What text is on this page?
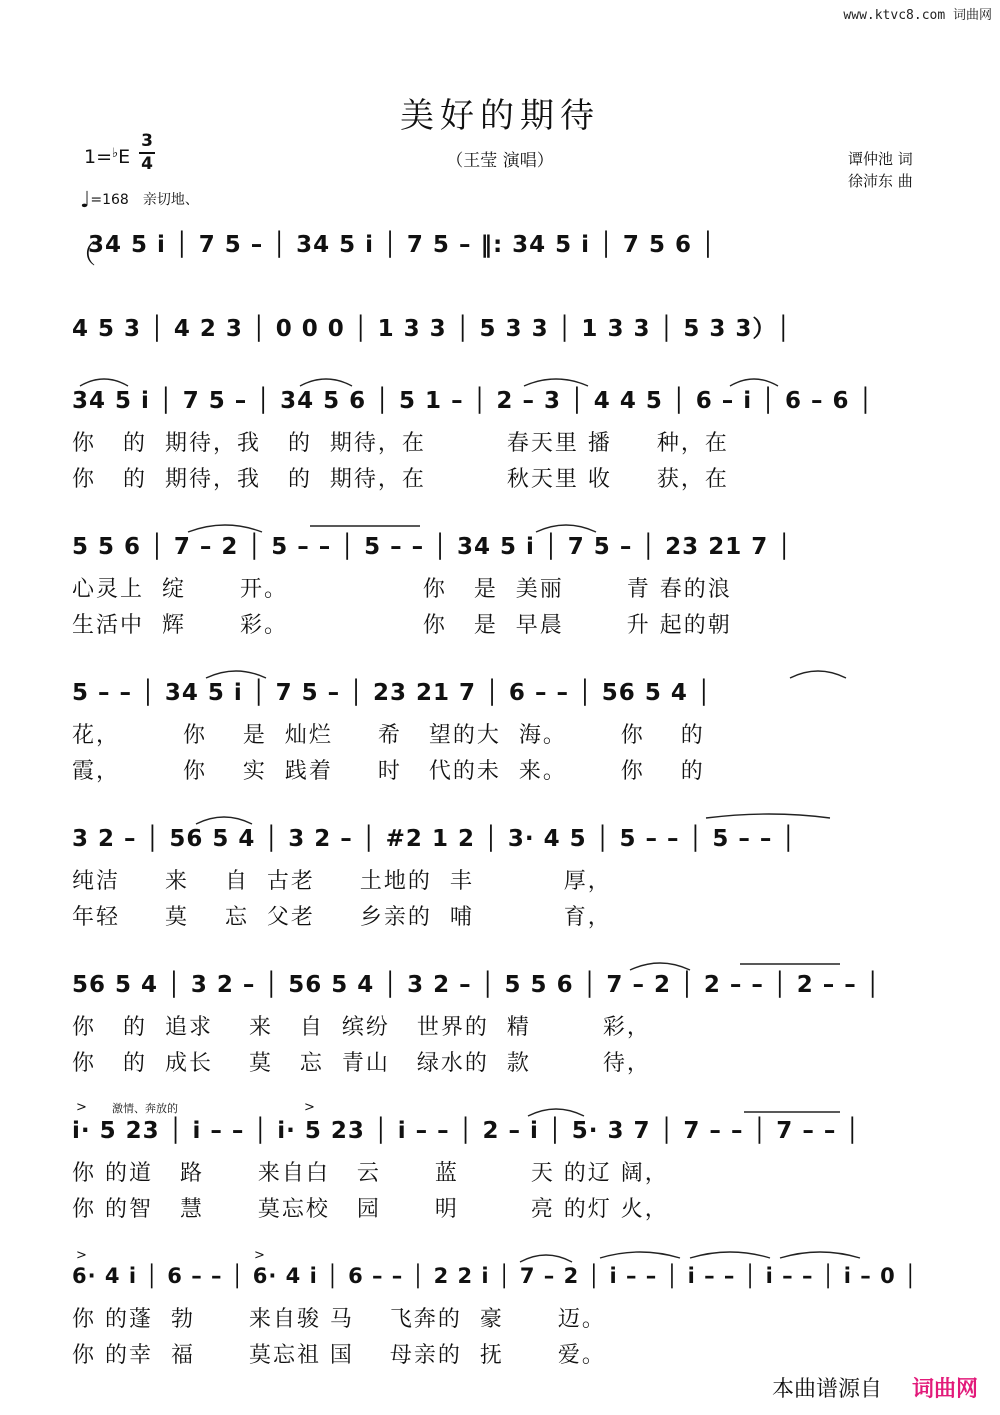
www.ktvc8.com 词曲网
美好的期待
1=♭E
3
4	（王莹 演唱）	谭仲池 词
徐沛东 曲
♩=168 亲切地、
（
34 5 i │ 7 5 – │ 34 5 i │ 7 5 – ‖: 34 5 i │ 7 5 6 │
4 5 3 │ 4 2 3 │ 0 0 0 │ 1 3 3 │ 5 3 3 │ 1 3 3 │ 5 3 3）│
34 5 i │ 7 5 – │ 34 5 6 │ 5 1 – │ 2 – 3 │ 4 4 5 │ 6 – i │ 6 – 6 │
你   的  期待，我   的  期待，在         春天里 播     种，在
你   的  期待，我   的  期待，在         秋天里 收     获，在
5 5 6 │ 7 – 2 │ 5 – – │ 5 – – │ 34 5 i │ 7 5 – │ 23 21 7 │
心灵上  绽      开。               你   是  美丽       青 春的浪
生活中  辉      彩。               你   是  早晨       升 起的朝
5 – – │ 34 5 i │ 7 5 – │ 23 21 7 │ 6 – – │ 56 5 4 │
花，       你    是  灿烂     希   望的大  海。      你    的
霞，       你    实  践着     时   代的未  来。      你    的
3 2 – │ 56 5 4 │ 3 2 – │ #2 1 2 │ 3· 4 5 │ 5 – – │ 5 – – │
纯洁     来    自  古老     土地的  丰          厚，
年轻     莫    忘  父老     乡亲的  哺          育，
56 5 4 │ 3 2 – │ 56 5 4 │ 3 2 – │ 5 5 6 │ 7 – 2 │ 2 – – │ 2 – – │
你   的  追求    来   自  缤纷   世界的  精        彩，
你   的  成长    莫   忘  青山   绿水的  款        待，
激情、奔放的
>	>
i· 5 23 │ i – – │ i· 5 23 │ i – – │ 2 – i │ 5· 3 7 │ 7 – – │ 7 – – │
你 的道   路      来自白   云      蓝        天 的辽 阔，
你 的智   慧      莫忘校   园      明        亮 的灯 火，
>	>
6· 4 i │ 6 – – │ 6· 4 i │ 6 – – │ 2 2 i │ 7 – 2 │ i – – │ i – – │ i – – │ i – 0 │
你 的蓬  勃      来自骏 马    飞奔的  豪      迈。
你 的幸  福      莫忘祖 国    母亲的  抚      爱。
本曲谱源自 词曲网
